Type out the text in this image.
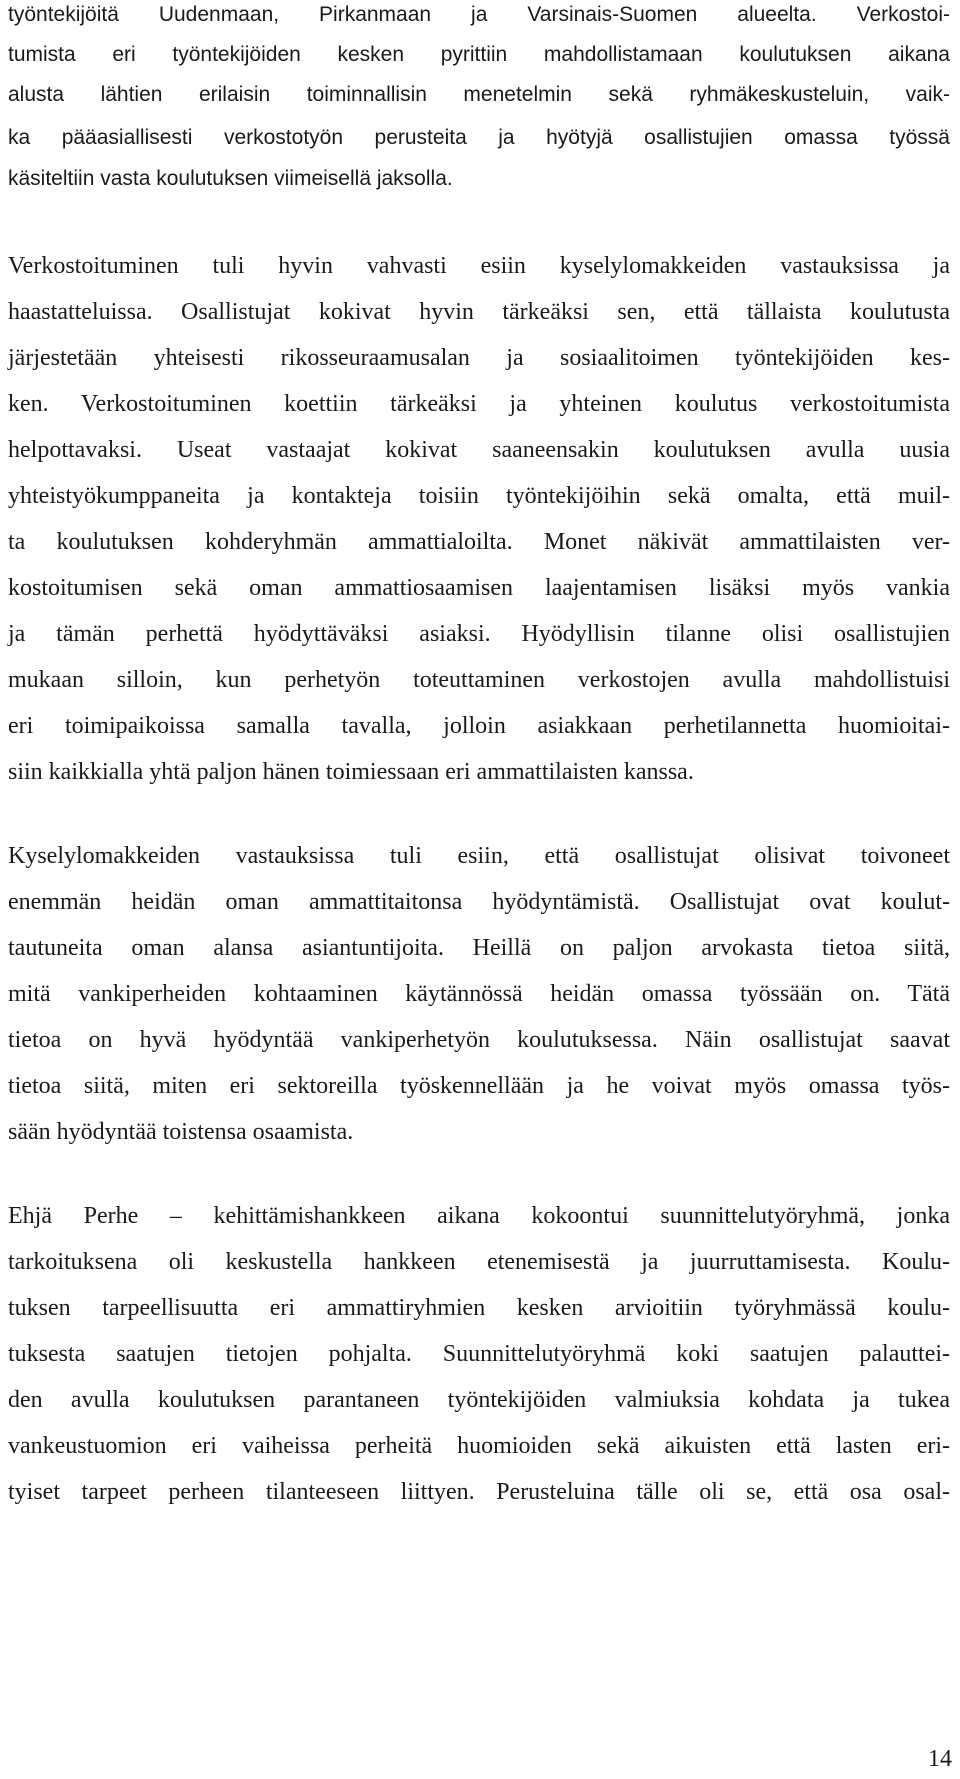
työntekijöitä Uudenmaan, Pirkanmaan ja Varsinais-Suomen alueelta. Verkostoi-

tumista eri työntekijöiden kesken pyrittiin mahdollistamaan koulutuksen aikana

alusta lähtien erilaisin toiminnallisin menetelmin sekä ryhmäkeskusteluin, vaik-

ka pääasiallisesti verkostotyön perusteita ja hyötyjä osallistujien omassa työssä

käsiteltiin vasta koulutuksen viimeisellä jaksolla.

Verkostoituminen tuli hyvin vahvasti esiin kyselylomakkeiden vastauksissa ja

haastatteluissa. Osallistujat kokivat hyvin tärkeäksi sen, että tällaista koulutusta

järjestetään yhteisesti rikosseuraamusalan ja sosiaalitoimen työntekijöiden kes-

ken. Verkostoituminen koettiin tärkeäksi ja yhteinen koulutus verkostoitumista

helpottavaksi. Useat vastaajat kokivat saaneensakin koulutuksen avulla uusia

yhteistyökumppaneita ja kontakteja toisiin työntekijöihin sekä omalta, että muil-

ta koulutuksen kohderyhmän ammattialoilta. Monet näkivät ammattilaisten ver-

kostoitumisen sekä oman ammattiosaamisen laajentamisen lisäksi myös vankia

ja tämän perhettä hyödyttäväksi asiaksi. Hyödyllisin tilanne olisi osallistujien

mukaan silloin, kun perhetyön toteuttaminen verkostojen avulla mahdollistuisi

eri toimipaikoissa samalla tavalla, jolloin asiakkaan perhetilannetta huomioitai-

siin kaikkialla yhtä paljon hänen toimiessaan eri ammattilaisten kanssa.

Kyselylomakkeiden vastauksissa tuli esiin, että osallistujat olisivat toivoneet

enemmän heidän oman ammattitaitonsa hyödyntämistä. Osallistujat ovat koulut-

tautuneita oman alansa asiantuntijoita. Heillä on paljon arvokasta tietoa siitä,

mitä vankiperheiden kohtaaminen käytännössä heidän omassa työssään on. Tätä

tietoa on hyvä hyödyntää vankiperhetyön koulutuksessa. Näin osallistujat saavat

tietoa siitä, miten eri sektoreilla työskennellään ja he voivat myös omassa työs-

sään hyödyntää toistensa osaamista.

Ehjä Perhe – kehittämishankkeen aikana kokoontui suunnittelutyöryhmä, jonka

tarkoituksena oli keskustella hankkeen etenemisestä ja juurruttamisesta. Koulu-

tuksen tarpeellisuutta eri ammattiryhmien kesken arvioitiin työryhmässä koulu-

tuksesta saatujen tietojen pohjalta. Suunnittelutyöryhmä koki saatujen palauttei-

den avulla koulutuksen parantaneen työntekijöiden valmiuksia kohdata ja tukea

vankeustuomion eri vaiheissa perheitä huomioiden sekä aikuisten että lasten eri-

tyiset tarpeet perheen tilanteeseen liittyen. Perusteluina tälle oli se, että osa osal-

14
